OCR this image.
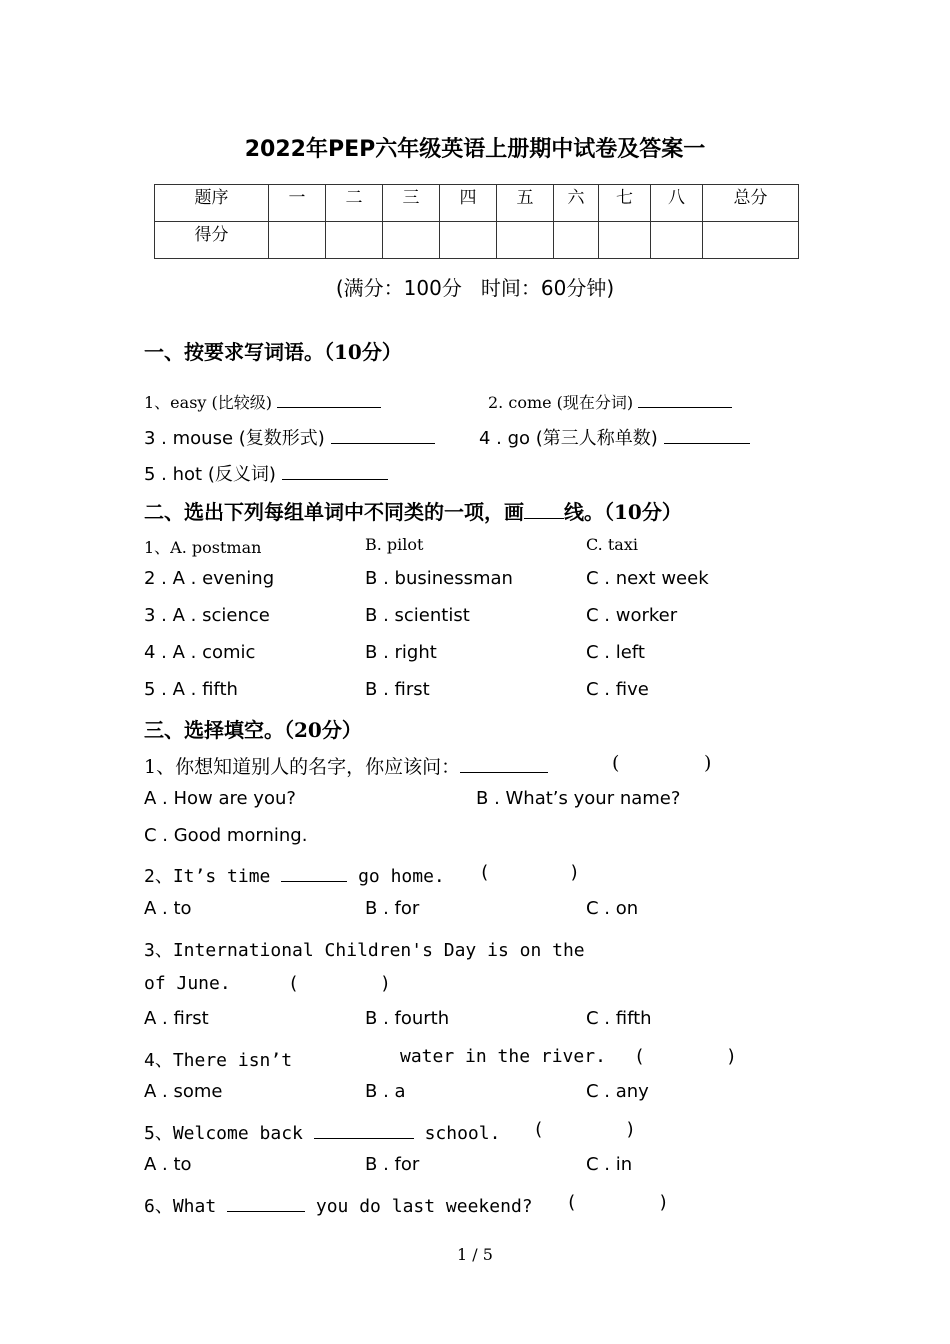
2022年PEP六年级英语上册期中试卷及答案一
题序	一	二	三	四	五	六	七	八	总分
得分									
(满分：100分   时间：60分钟)
一、按要求写词语。（10分）
1、easy (比较级)	2. come (现在分词)
3 . mouse (复数形式)	4 . go (第三人称单数)
5 . hot (反义词)
二、选出下列每组单词中不同类的一项，画 线。（10分）
1、A. postman	B. pilot	C. taxi
2 . A . evening	B . businessman	C . next week
3 . A . science	B . scientist	C . worker
4 . A . comic	B . right	C . left
5 . A . fifth	B . first	C . five
三、选择填空。（20分）
1、你想知道别人的名字，你应该问：	(	)
A . How are you?	B . What’s your name?
C . Good morning.
2、It’s time	go home. (	)
A . to	B . for	C . on
3、International Children's Day is on the
of June.	(	)
A . first	B . fourth	C . fifth
4、There isn’t	water in the river. (	)
A . some	B . a	C . any
5、Welcome back	school. (	)
A . to	B . for	C . in
6、What	you do last weekend? (	)
1 / 5
